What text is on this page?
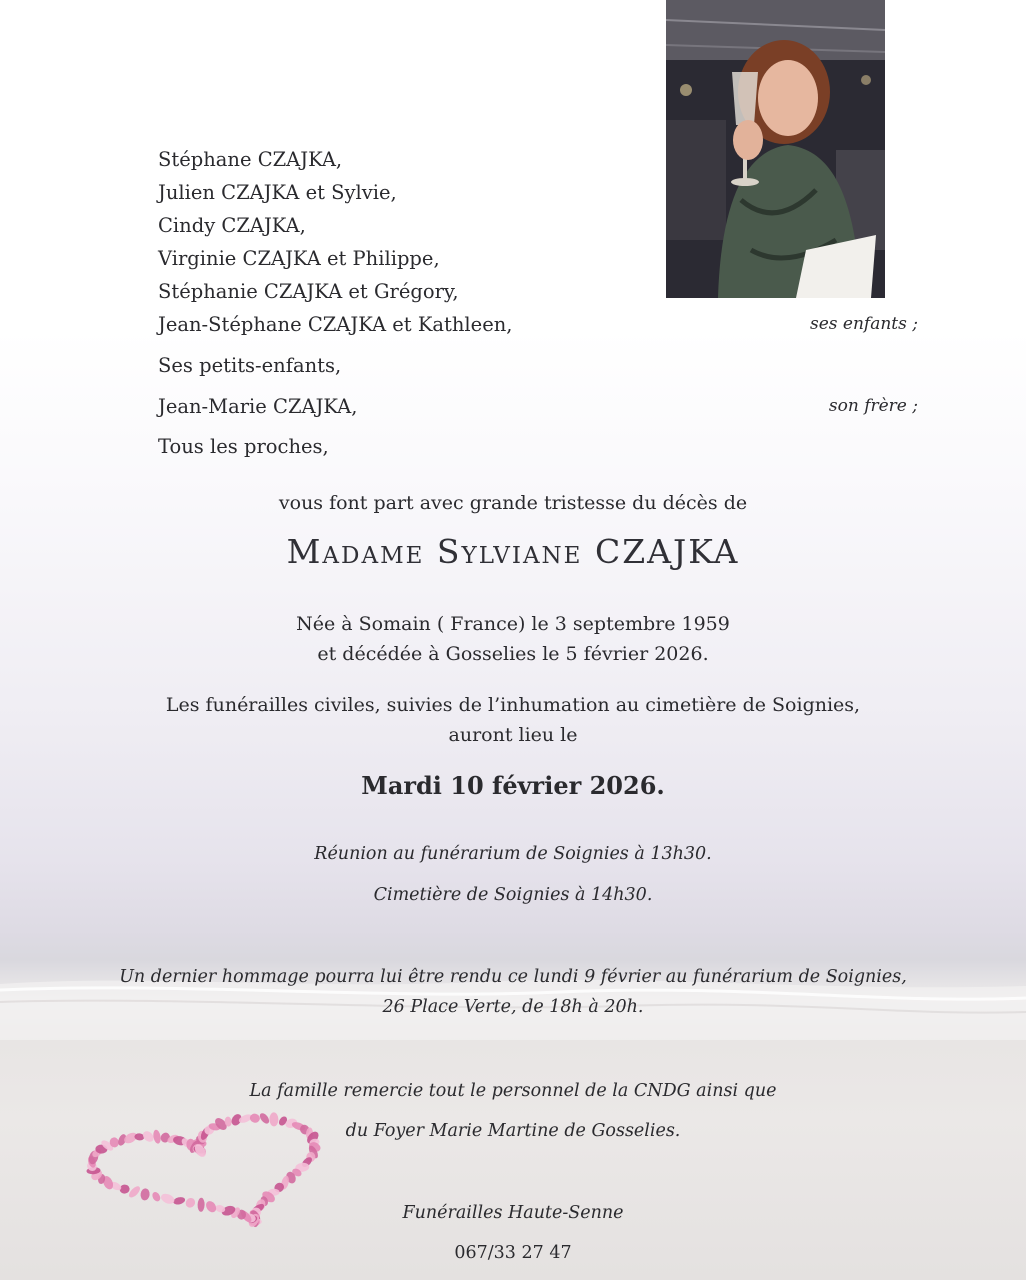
Stéphane CZAJKA,
Julien CZAJKA et Sylvie,
Cindy CZAJKA,
Virginie CZAJKA et Philippe,
Stéphanie CZAJKA et Grégory,
Jean-Stéphane CZAJKA et Kathleen,
Ses petits-enfants,
Jean-Marie CZAJKA,
Tous les proches,
ses enfants ;
son frère ;
vous font part avec grande tristesse du décès de
Madame Sylviane CZAJKA
Née à Somain ( France) le 3 septembre 1959
et décédée à Gosselies le 5 février 2026.
Les funérailles civiles, suivies de l’inhumation au cimetière de Soignies,
auront lieu le
Mardi 10 février 2026.
Réunion au funérarium de Soignies à 13h30.
Cimetière de Soignies à 14h30.
Un dernier hommage pourra lui être rendu ce lundi 9 février au funérarium de Soignies,
26 Place Verte, de 18h à 20h.
La famille remercie tout le personnel de la CNDG ainsi que
du Foyer Marie Martine de Gosselies.
Funérailles Haute-Senne
067/33 27 47
